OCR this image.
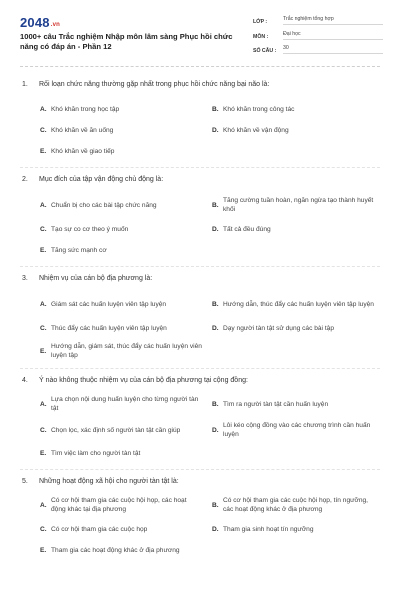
2048.vn
1000+ câu Trắc nghiệm Nhập môn lâm sàng Phục hồi chức năng có đáp án - Phần 12
LỚP :	Trắc nghiệm tổng hợp
MÔN :	Đại học
SỐ CÂU :	30
1.	Rối loạn chức năng thường gặp nhất trong phục hồi chức năng bại não là:
A. Khó khăn trong học tập	B. Khó khăn trong công tác
C. Khó khăn về ăn uống	D. Khó khăn về vận động
E. Khó khăn về giao tiếp
2.	Mục đích của tập vận động chủ động là:
A. Chuẩn bị cho các bài tập chức năng	B.
Tăng cường tuần hoàn, ngăn ngừa tạo thành huyết khối
C. Tạo sự co cơ theo ý muốn	D. Tất cả đều đúng
E. Tăng sức mạnh cơ
3.	Nhiệm vụ của cán bộ địa phương là:
A. Giám sát các huấn luyện viên tập luyện	B. Hướng dẫn, thúc đẩy các huấn luyện viên tập luyện
C. Thúc đẩy các huấn luyện viên tập luyện	D. Dạy người tàn tật sử dụng các bài tập
E.
Hướng dẫn, giám sát, thúc đẩy các huấn luyện viên luyện tập
4.	Ý nào không thuộc nhiệm vụ của cán bộ địa phương tại cộng đồng:
A.
Lựa chọn nội dung huấn luyện cho từng người tàn tật
B. Tìm ra người tàn tật cần huấn luyện
C. Chọn lọc, xác định số người tàn tật cần giúp	D.
Lôi kéo cộng đồng vào các chương trình cần huấn luyện
E. Tìm việc làm cho người tàn tật
5.	Những hoạt động xã hội cho người tàn tật là:
A.
Có cơ hội tham gia các cuộc hội họp, các hoạt động khác tại địa phương
B.
Có cơ hội tham gia các cuộc hội họp, tín ngưỡng, các hoạt động khác ở địa phương
C. Có cơ hội tham gia các cuộc họp	D. Tham gia sinh hoạt tín ngưỡng
E. Tham gia các hoạt động khác ở địa phương
